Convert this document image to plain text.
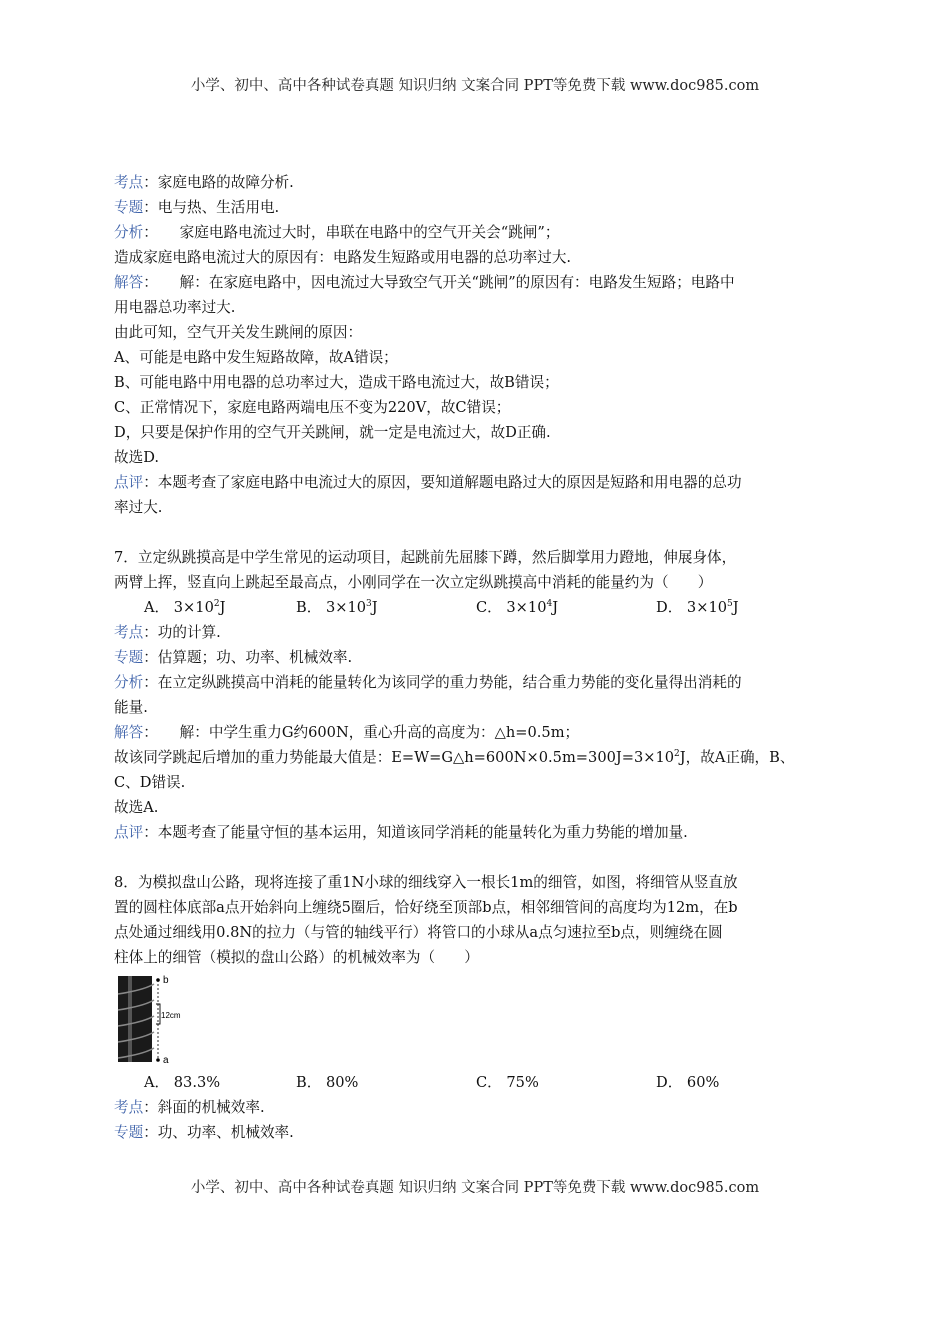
小学、初中、高中各种试卷真题 知识归纳 文案合同 PPT等免费下载 www.doc985.com
考点：家庭电路的故障分析.
专题：电与热、生活用电.
分析：　　家庭电路电流过大时，串联在电路中的空气开关会“跳闸”；
造成家庭电路电流过大的原因有：电路发生短路或用电器的总功率过大.
解答：　　解：在家庭电路中，因电流过大导致空气开关“跳闸”的原因有：电路发生短路；电路中
用电器总功率过大.
由此可知，空气开关发生跳闸的原因：
A、可能是电路中发生短路故障，故A错误；
B、可能电路中用电器的总功率过大，造成干路电流过大，故B错误；
C、正常情况下，家庭电路两端电压不变为220V，故C错误；
D，只要是保护作用的空气开关跳闸，就一定是电流过大，故D正确.
故选D.
点评：本题考查了家庭电路中电流过大的原因，要知道解题电路过大的原因是短路和用电器的总功
率过大.
7．立定纵跳摸高是中学生常见的运动项目，起跳前先屈膝下蹲，然后脚掌用力蹬地，伸展身体，
两臂上挥，竖直向上跳起至最高点，小刚同学在一次立定纵跳摸高中消耗的能量约为（　　）
A． $3\times 10^2J$	B． $3\times 10^3J$	C． $3\times 10^4J$	D． $3\times 10^5J$
考点：功的计算.
专题：估算题；功、功率、机械效率.
分析：在立定纵跳摸高中消耗的能量转化为该同学的重力势能，结合重力势能的变化量得出消耗的
能量.
解答：　　解：中学生重力G约600N，重心升高的高度为：△h=0.5m；
故该同学跳起后增加的重力势能最大值是：$E=W=G\triangle h=600N\times 0.5m=300J=3\times 10^2J$，故A正确，B、
C、D错误.
故选A.
点评：本题考查了能量守恒的基本运用，知道该同学消耗的能量转化为重力势能的增加量.
8．为模拟盘山公路，现将连接了重1N小球的细线穿入一根长1m的细管，如图，将细管从竖直放
置的圆柱体底部a点开始斜向上缠绕5圈后，恰好绕至顶部b点，相邻细管间的高度均为12m，在b
点处通过细线用0.8N的拉力（与管的轴线平行）将管口的小球从a点匀速拉至b点，则缠绕在圆
柱体上的细管（模拟的盘山公路）的机械效率为（　　）
b
a
12cm
A． 83.3%	B． 80%	C． 75%	D． 60%
考点：斜面的机械效率.
专题：功、功率、机械效率.
小学、初中、高中各种试卷真题 知识归纳 文案合同 PPT等免费下载 www.doc985.com
